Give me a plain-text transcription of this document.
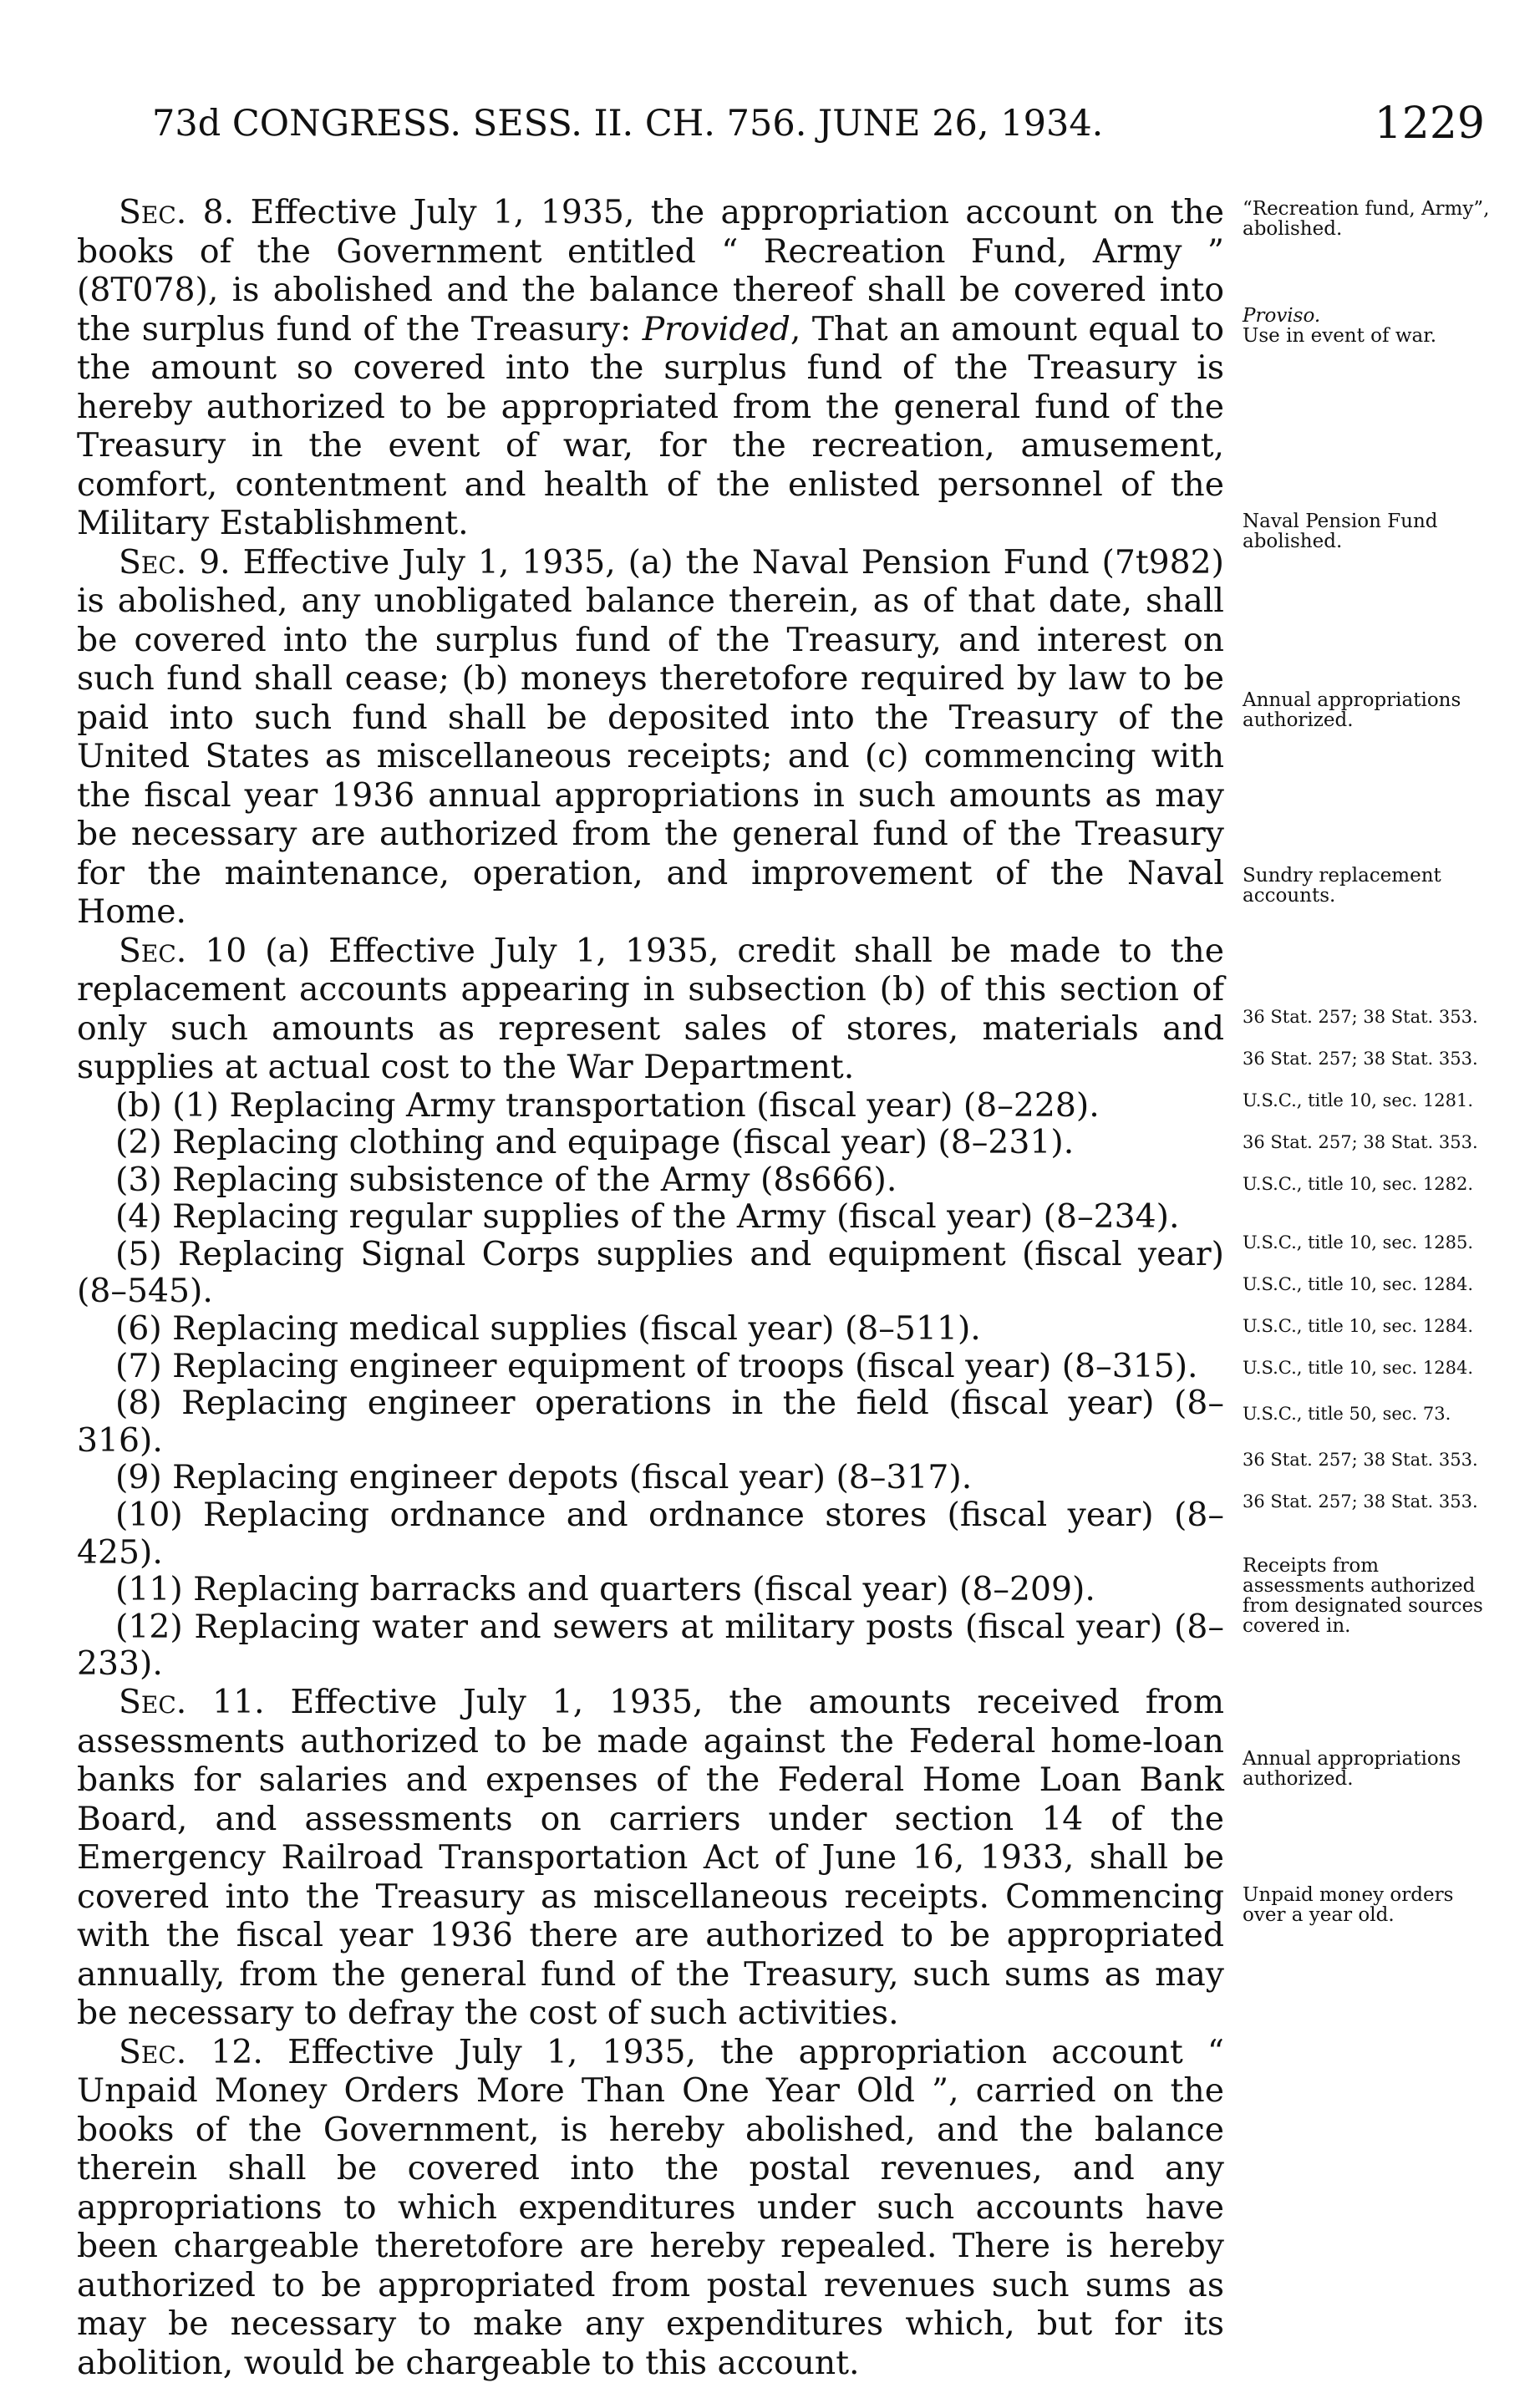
73d CONGRESS. SESS. II. CH. 756. JUNE 26, 1934.	1229

Sec. 8. Effective July 1, 1935, the appropriation account on the books of the Government entitled “ Recreation Fund, Army ” (8T078), is abolished and the balance thereof shall be covered into the surplus fund of the Treasury: Provided, That an amount equal to the amount so covered into the surplus fund of the Treasury is hereby authorized to be appropriated from the general fund of the Treasury in the event of war, for the recreation, amusement, comfort, contentment and health of the enlisted personnel of the Military Establishment.

Sec. 9. Effective July 1, 1935, (a) the Naval Pension Fund (7t982) is abolished, any unobligated balance therein, as of that date, shall be covered into the surplus fund of the Treasury, and interest on such fund shall cease; (b) moneys theretofore required by law to be paid into such fund shall be deposited into the Treasury of the United States as miscellaneous receipts; and (c) commencing with the fiscal year 1936 annual appropriations in such amounts as may be necessary are authorized from the general fund of the Treasury for the maintenance, operation, and improvement of the Naval Home.

Sec. 10 (a) Effective July 1, 1935, credit shall be made to the replacement accounts appearing in subsection (b) of this section of only such amounts as represent sales of stores, materials and supplies at actual cost to the War Department.

(b) (1) Replacing Army transportation (fiscal year) (8–228).

(2) Replacing clothing and equipage (fiscal year) (8–231).

(3) Replacing subsistence of the Army (8s666).

(4) Replacing regular supplies of the Army (fiscal year) (8–234).

(5) Replacing Signal Corps supplies and equipment (fiscal year) (8–545).

(6) Replacing medical supplies (fiscal year) (8–511).

(7) Replacing engineer equipment of troops (fiscal year) (8–315).

(8) Replacing engineer operations in the field (fiscal year) (8–316).

(9) Replacing engineer depots (fiscal year) (8–317).

(10) Replacing ordnance and ordnance stores (fiscal year) (8–425).

(11) Replacing barracks and quarters (fiscal year) (8–209).

(12) Replacing water and sewers at military posts (fiscal year) (8–233).

Sec. 11. Effective July 1, 1935, the amounts received from assessments authorized to be made against the Federal home-loan banks for salaries and expenses of the Federal Home Loan Bank Board, and assessments on carriers under section 14 of the Emergency Railroad Transportation Act of June 16, 1933, shall be covered into the Treasury as miscellaneous receipts. Commencing with the fiscal year 1936 there are authorized to be appropriated annually, from the general fund of the Treasury, such sums as may be necessary to defray the cost of such activities.

Sec. 12. Effective July 1, 1935, the appropriation account “ Unpaid Money Orders More Than One Year Old ”, carried on the books of the Government, is hereby abolished, and the balance therein shall be covered into the postal revenues, and any appropriations to which expenditures under such accounts have been chargeable theretofore are hereby repealed. There is hereby authorized to be appropriated from postal revenues such sums as may be necessary to make any expenditures which, but for its abolition, would be chargeable to this account.

“Recreation fund, Army”, abolished.
Proviso.
Use in event of war.
Naval Pension Fund abolished.
Annual appropriations authorized.
Sundry replacement accounts.
36 Stat. 257; 38 Stat. 353.
36 Stat. 257; 38 Stat. 353.
U.S.C., title 10, sec. 1281.
36 Stat. 257; 38 Stat. 353.
U.S.C., title 10, sec. 1282.
U.S.C., title 10, sec. 1285.
U.S.C., title 10, sec. 1284.
U.S.C., title 10, sec. 1284.
U.S.C., title 10, sec. 1284.
U.S.C., title 50, sec. 73.
36 Stat. 257; 38 Stat. 353.
36 Stat. 257; 38 Stat. 353.
Receipts from assessments authorized from designated sources covered in.
Annual appropriations authorized.
Unpaid money orders over a year old.
